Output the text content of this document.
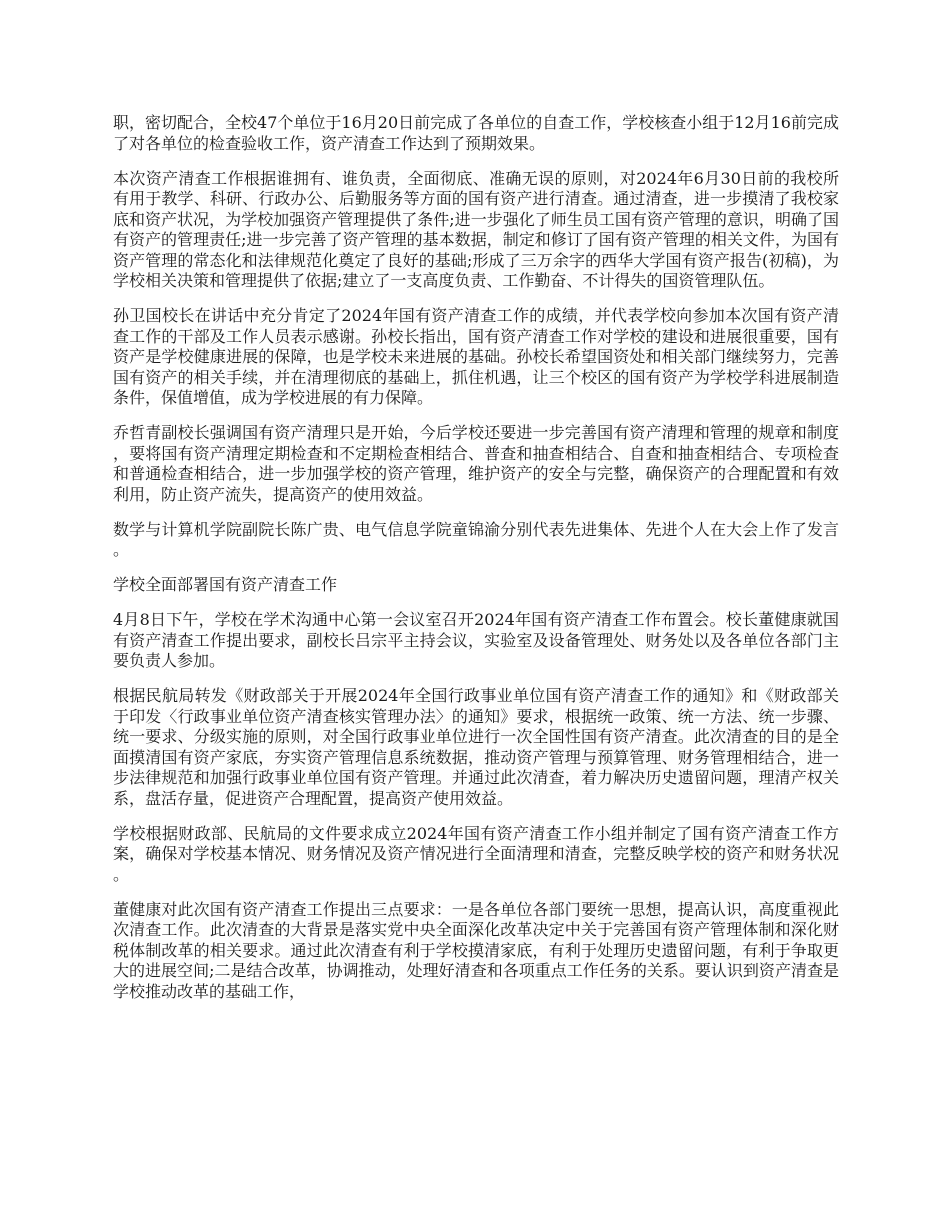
职，密切配合，全校47个单位于16月20日前完成了各单位的自查工作，学校核查小组于12月16前完成了对各单位的检查验收工作，资产清查工作达到了预期效果。

本次资产清查工作根据谁拥有、谁负责，全面彻底、准确无误的原则，对2024年6月30日前的我校所有用于教学、科研、行政办公、后勤服务等方面的国有资产进行清查。通过清查，进一步摸清了我校家底和资产状况，为学校加强资产管理提供了条件;进一步强化了师生员工国有资产管理的意识，明确了国有资产的管理责任;进一步完善了资产管理的基本数据，制定和修订了国有资产管理的相关文件，为国有资产管理的常态化和法律规范化奠定了良好的基础;形成了三万余字的西华大学国有资产报告(初稿)，为学校相关决策和管理提供了依据;建立了一支高度负责、工作勤奋、不计得失的国资管理队伍。

孙卫国校长在讲话中充分肯定了2024年国有资产清查工作的成绩，并代表学校向参加本次国有资产清查工作的干部及工作人员表示感谢。孙校长指出，国有资产清查工作对学校的建设和进展很重要，国有资产是学校健康进展的保障，也是学校未来进展的基础。孙校长希望国资处和相关部门继续努力，完善国有资产的相关手续，并在清理彻底的基础上，抓住机遇，让三个校区的国有资产为学校学科进展制造条件，保值增值，成为学校进展的有力保障。

乔哲青副校长强调国有资产清理只是开始，今后学校还要进一步完善国有资产清理和管理的规章和制度，要将国有资产清理定期检查和不定期检查相结合、普查和抽查相结合、自查和抽查相结合、专项检查和普通检查相结合，进一步加强学校的资产管理，维护资产的安全与完整，确保资产的合理配置和有效利用，防止资产流失，提高资产的使用效益。

数学与计算机学院副院长陈广贵、电气信息学院童锦渝分别代表先进集体、先进个人在大会上作了发言。

学校全面部署国有资产清查工作

4月8日下午，学校在学术沟通中心第一会议室召开2024年国有资产清查工作布置会。校长董健康就国有资产清查工作提出要求，副校长吕宗平主持会议，实验室及设备管理处、财务处以及各单位各部门主要负责人参加。

根据民航局转发《财政部关于开展2024年全国行政事业单位国有资产清查工作的通知》和《财政部关于印发〈行政事业单位资产清查核实管理办法〉的通知》要求，根据统一政策、统一方法、统一步骤、统一要求、分级实施的原则，对全国行政事业单位进行一次全国性国有资产清查。此次清查的目的是全面摸清国有资产家底，夯实资产管理信息系统数据，推动资产管理与预算管理、财务管理相结合，进一步法律规范和加强行政事业单位国有资产管理。并通过此次清查，着力解决历史遗留问题，理清产权关系，盘活存量，促进资产合理配置，提高资产使用效益。

学校根据财政部、民航局的文件要求成立2024年国有资产清查工作小组并制定了国有资产清查工作方案，确保对学校基本情况、财务情况及资产情况进行全面清理和清查，完整反映学校的资产和财务状况。

董健康对此次国有资产清查工作提出三点要求：一是各单位各部门要统一思想，提高认识，高度重视此次清查工作。此次清查的大背景是落实党中央全面深化改革决定中关于完善国有资产管理体制和深化财税体制改革的相关要求。通过此次清查有利于学校摸清家底，有利于处理历史遗留问题，有利于争取更大的进展空间;二是结合改革，协调推动，处理好清查和各项重点工作任务的关系。要认识到资产清查是学校推动改革的基础工作，
